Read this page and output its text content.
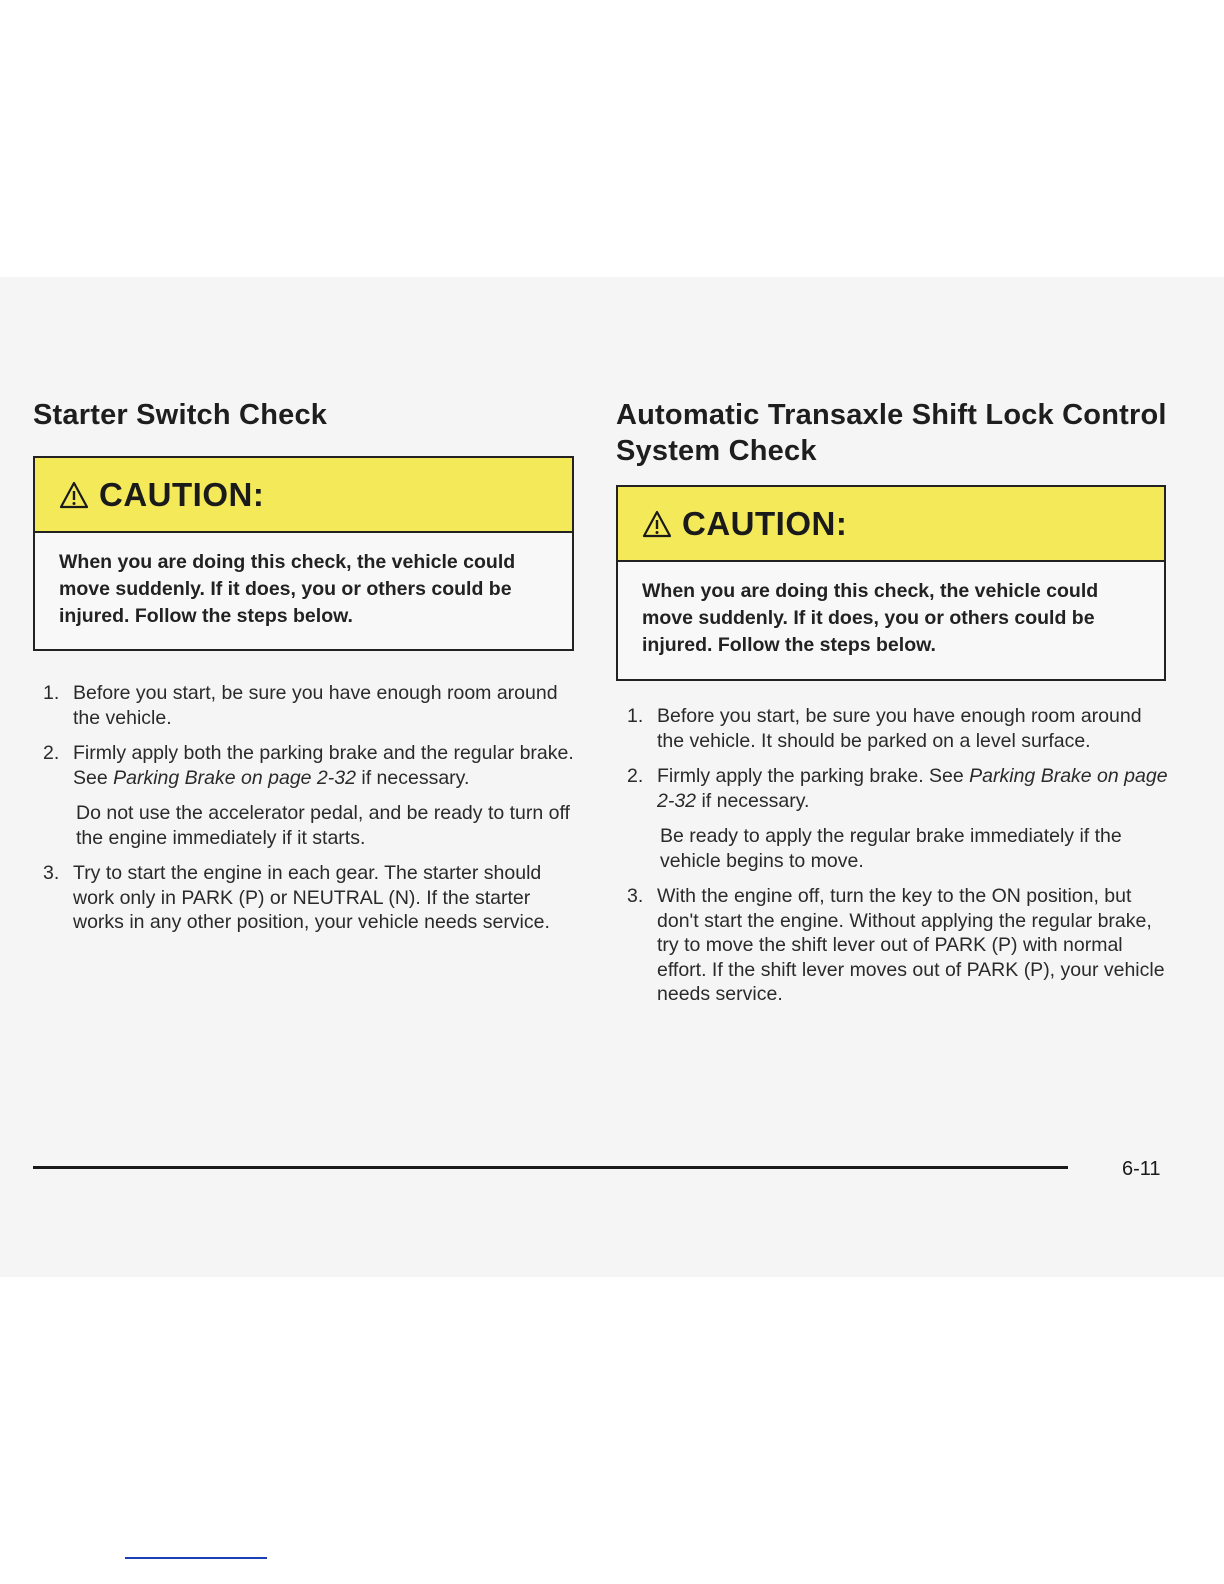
Starter Switch Check
CAUTION:
When you are doing this check, the vehicle could move suddenly. If it does, you or others could be injured. Follow the steps below.
1. Before you start, be sure you have enough room around the vehicle.
2. Firmly apply both the parking brake and the regular brake. See Parking Brake on page 2-32 if necessary.
Do not use the accelerator pedal, and be ready to turn off the engine immediately if it starts.
3. Try to start the engine in each gear. The starter should work only in PARK (P) or NEUTRAL (N). If the starter works in any other position, your vehicle needs service.
Automatic Transaxle Shift Lock Control System Check
CAUTION:
When you are doing this check, the vehicle could move suddenly. If it does, you or others could be injured. Follow the steps below.
1. Before you start, be sure you have enough room around the vehicle. It should be parked on a level surface.
2. Firmly apply the parking brake. See Parking Brake on page 2-32 if necessary.
Be ready to apply the regular brake immediately if the vehicle begins to move.
3. With the engine off, turn the key to the ON position, but don't start the engine. Without applying the regular brake, try to move the shift lever out of PARK (P) with normal effort. If the shift lever moves out of PARK (P), your vehicle needs service.
6-11
